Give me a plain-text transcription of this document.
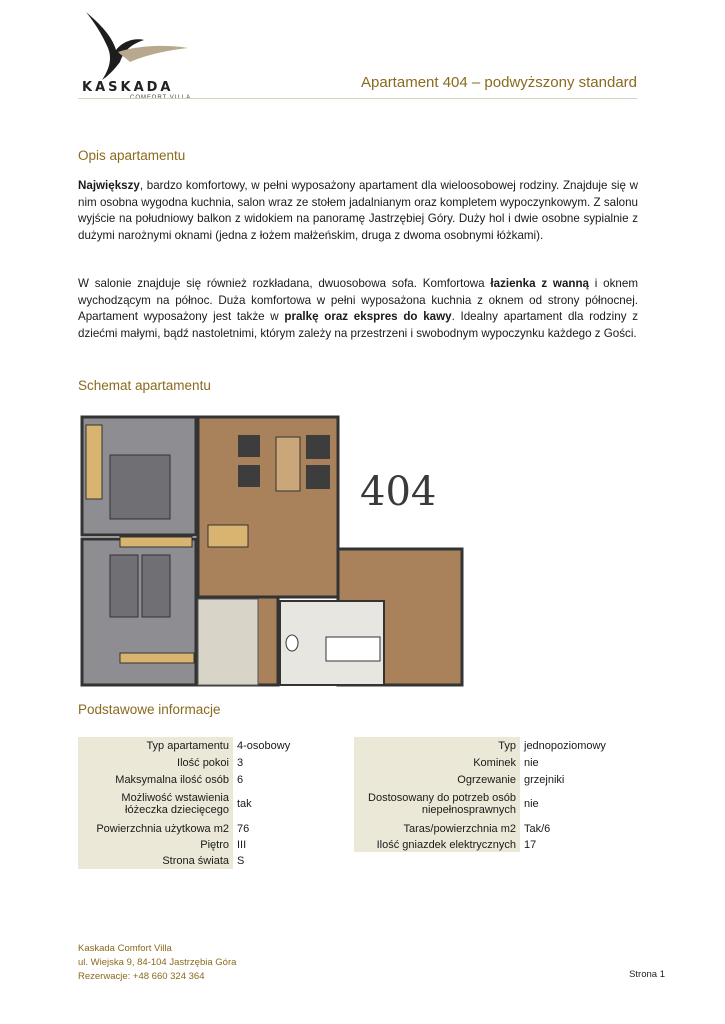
KASKADA
COMFORT VILLA
Apartament 404 – podwyższony standard
Opis apartamentu

Największy, bardzo komfortowy, w pełni wyposażony apartament dla wieloosobowej rodziny. Znajduje się w nim osobna wygodna kuchnia, salon wraz ze stołem jadalnianym oraz kompletem wypoczynkowym. Z salonu wyjście na południowy balkon z widokiem na panoramę Jastrzębiej Góry. Duży hol i dwie osobne sypialnie z dużymi narożnymi oknami (jedna z łożem małżeńskim, druga z dwoma osobnymi łóżkami).

W salonie znajduje się również rozkładana, dwuosobowa sofa. Komfortowa łazienka z wanną i oknem wychodzącym na północ. Duża komfortowa w pełni wyposażona kuchnia z oknem od strony północnej. Apartament wyposażony jest także w pralkę oraz ekspres do kawy. Idealny apartament dla rodziny z dziećmi małymi, bądź nastoletnimi, którym zależy na przestrzeni i swobodnym wypoczynku każdego z Gości.

Schemat apartamentu
404
Podstawowe informacje
Typ apartamentu	4-osobowy
Ilość pokoi	3
Maksymalna ilość osób	6
Możliwość wstawienia łóżeczka dziecięcego	tak
Powierzchnia użytkowa m2	76
Piętro	III
Strona świata	S
Typ	jednopoziomowy
Kominek	nie
Ogrzewanie	grzejniki
Dostosowany do potrzeb osób niepełnosprawnych	nie
Taras/powierzchnia m2	Tak/6
Ilość gniazdek elektrycznych	17
Kaskada Comfort Villa
ul. Wiejska 9, 84-104 Jastrzębia Góra
Rezerwacje: +48 660 324 364	Strona 1
